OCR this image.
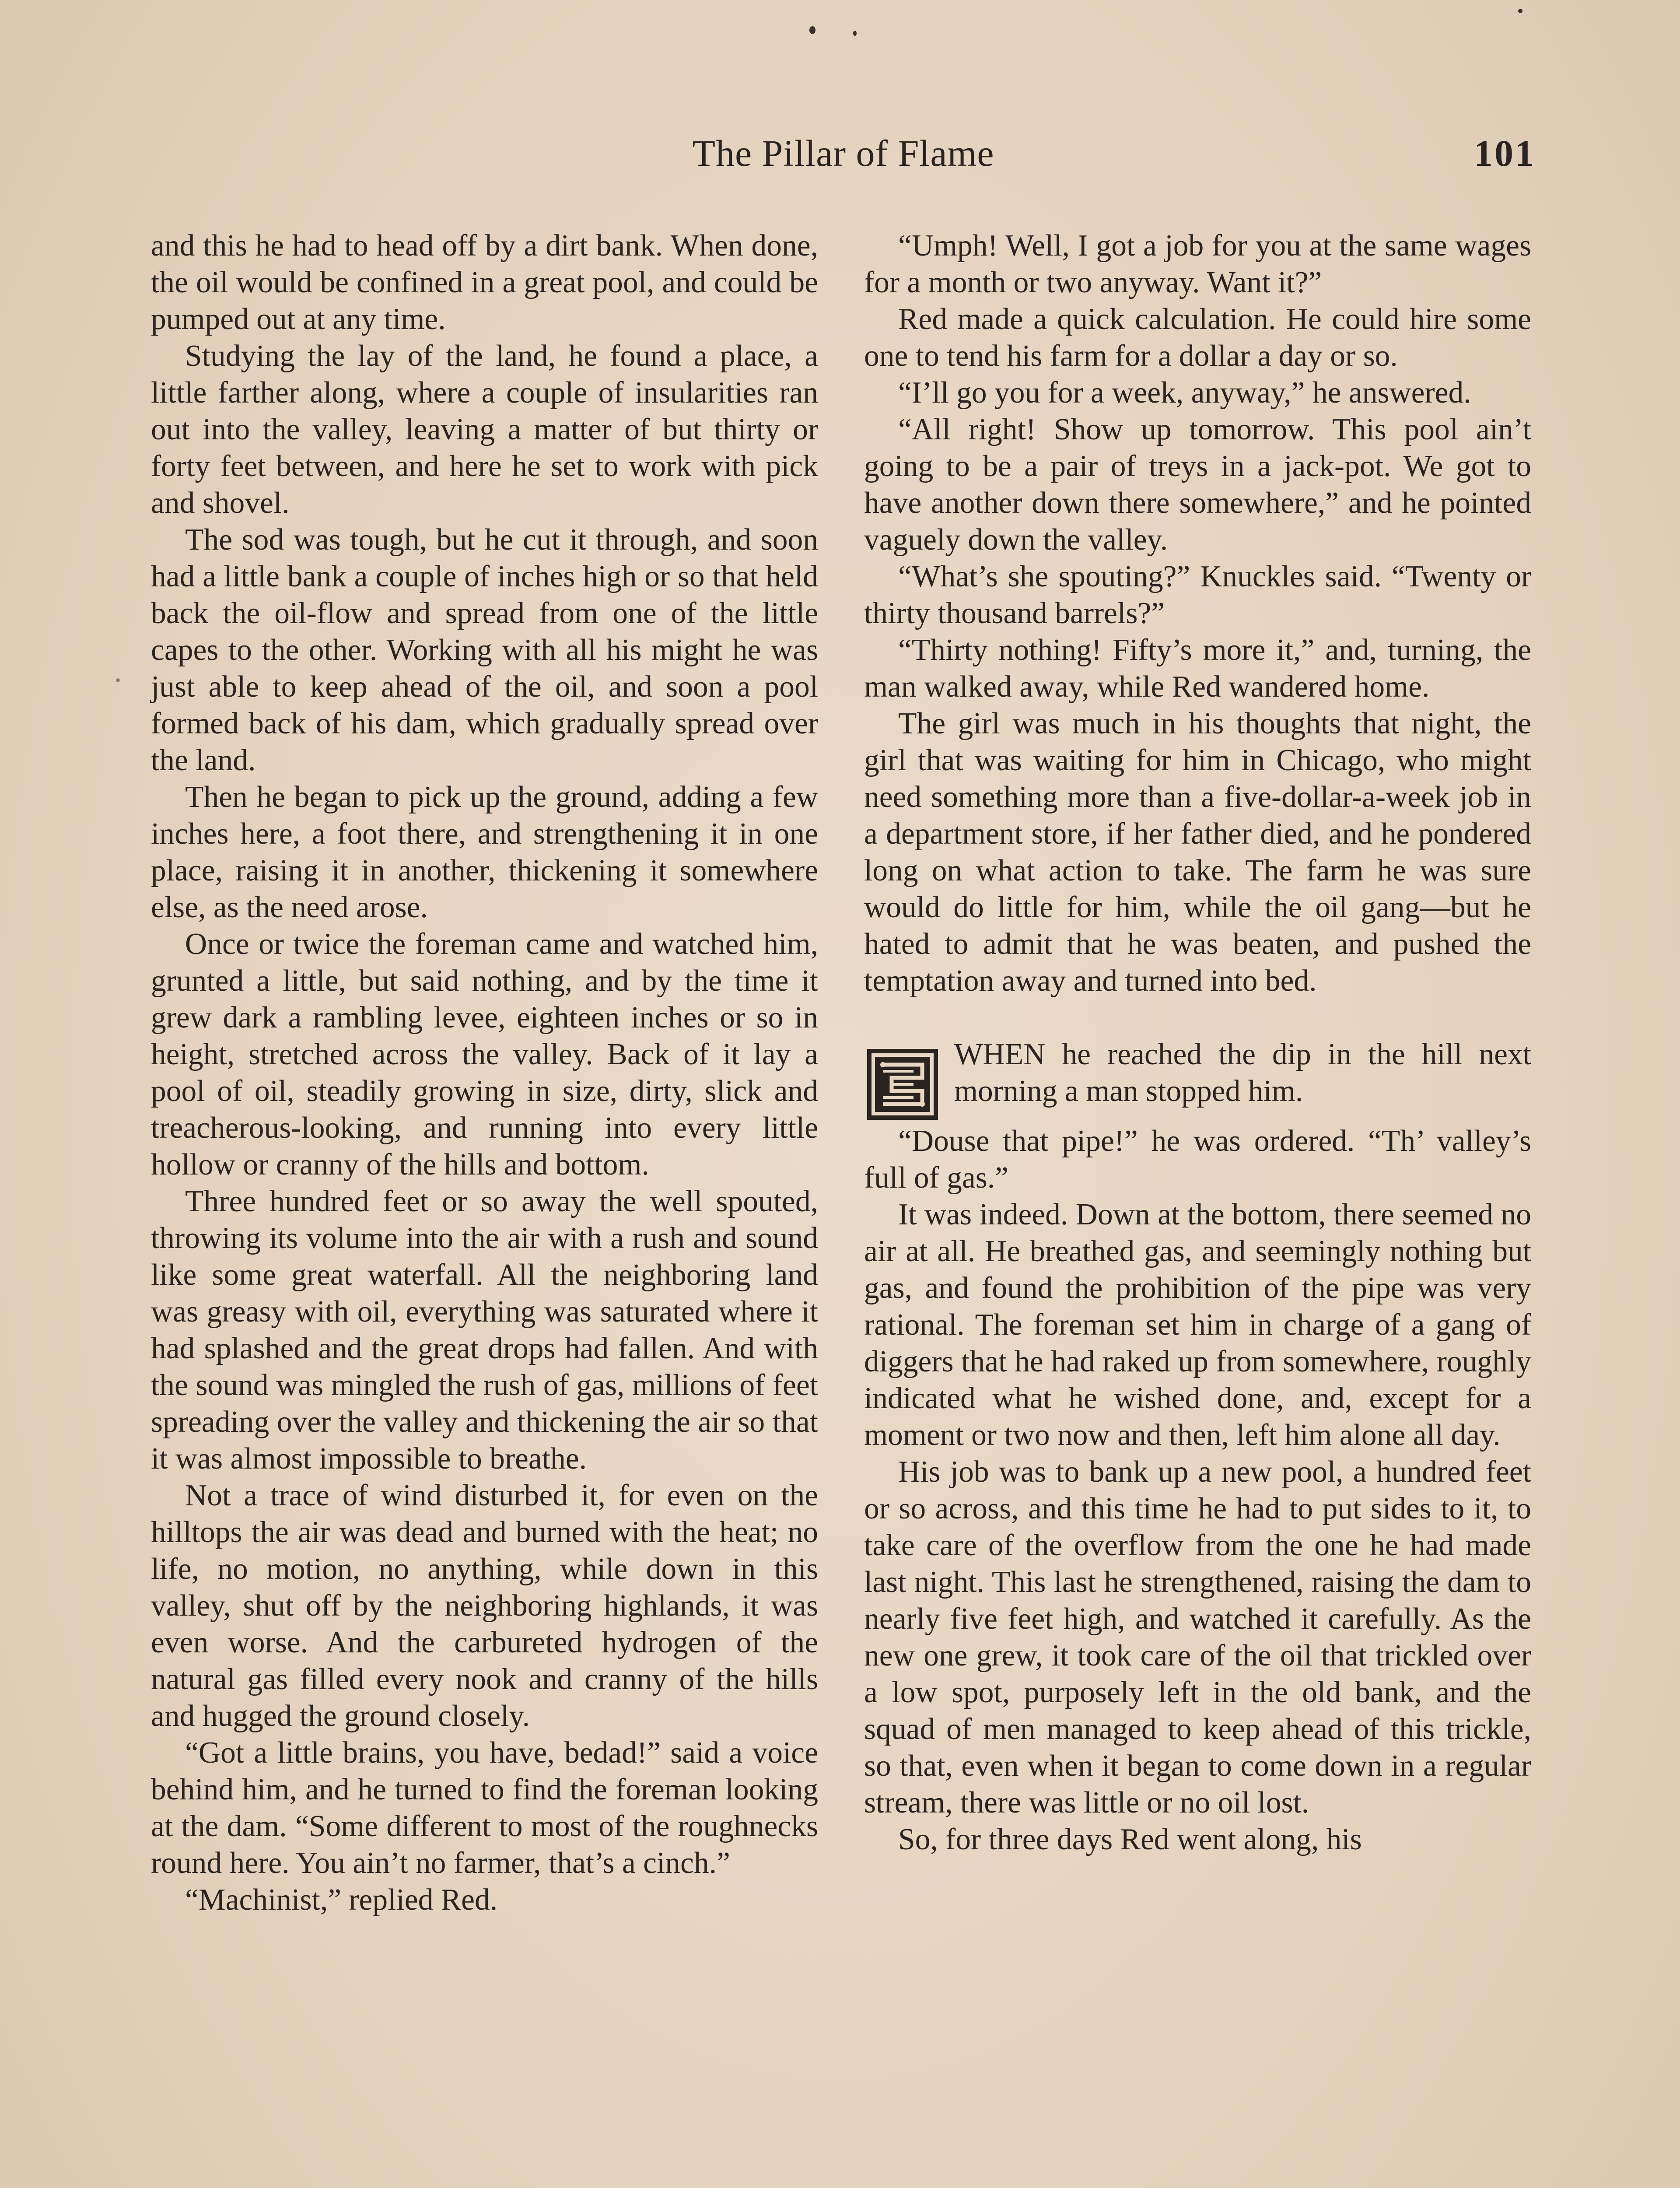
The Pillar of Flame	101

and this he had to head off by a dirt bank. When done, the oil would be confined in a great pool, and could be pumped out at any time.

Studying the lay of the land, he found a place, a little farther along, where a couple of insularities ran out into the valley, leaving a matter of but thirty or forty feet between, and here he set to work with pick and shovel.

The sod was tough, but he cut it through, and soon had a little bank a couple of inches high or so that held back the oil-flow and spread from one of the little capes to the other. Working with all his might he was just able to keep ahead of the oil, and soon a pool formed back of his dam, which gradually spread over the land.

Then he began to pick up the ground, adding a few inches here, a foot there, and strengthening it in one place, raising it in another, thickening it somewhere else, as the need arose.

Once or twice the foreman came and watched him, grunted a little, but said nothing, and by the time it grew dark a rambling levee, eighteen inches or so in height, stretched across the valley. Back of it lay a pool of oil, steadily growing in size, dirty, slick and treacherous-looking, and running into every little hollow or cranny of the hills and bottom.

Three hundred feet or so away the well spouted, throwing its volume into the air with a rush and sound like some great waterfall. All the neighboring land was greasy with oil, everything was saturated where it had splashed and the great drops had fallen. And with the sound was mingled the rush of gas, millions of feet spreading over the valley and thickening the air so that it was almost impossible to breathe.

Not a trace of wind disturbed it, for even on the hilltops the air was dead and burned with the heat; no life, no motion, no anything, while down in this valley, shut off by the neighboring highlands, it was even worse. And the carbureted hydrogen of the natural gas filled every nook and cranny of the hills and hugged the ground closely.

“Got a little brains, you have, bedad!” said a voice behind him, and he turned to find the foreman looking at the dam. “Some different to most of the roughnecks round here. You ain’t no farmer, that’s a cinch.”

“Machinist,” replied Red.

“Umph! Well, I got a job for you at the same wages for a month or two anyway. Want it?”

Red made a quick calculation. He could hire some one to tend his farm for a dollar a day or so.

“I’ll go you for a week, anyway,” he answered.

“All right! Show up tomorrow. This pool ain’t going to be a pair of treys in a jack-pot. We got to have another down there somewhere,” and he pointed vaguely down the valley.

“What’s she spouting?” Knuckles said. “Twenty or thirty thousand barrels?”

“Thirty nothing! Fifty’s more it,” and, turning, the man walked away, while Red wandered home.

The girl was much in his thoughts that night, the girl that was waiting for him in Chicago, who might need something more than a five-dollar-a-week job in a department store, if her father died, and he pondered long on what action to take. The farm he was sure would do little for him, while the oil gang—but he hated to admit that he was beaten, and pushed the temptation away and turned into bed.

WHEN he reached the dip in the hill next morning a man stopped him.

“Douse that pipe!” he was ordered. “Th’ valley’s full of gas.”

It was indeed. Down at the bottom, there seemed no air at all. He breathed gas, and seemingly nothing but gas, and found the prohibition of the pipe was very rational. The foreman set him in charge of a gang of diggers that he had raked up from somewhere, roughly indicated what he wished done, and, except for a moment or two now and then, left him alone all day.

His job was to bank up a new pool, a hundred feet or so across, and this time he had to put sides to it, to take care of the overflow from the one he had made last night. This last he strengthened, raising the dam to nearly five feet high, and watched it carefully. As the new one grew, it took care of the oil that trickled over a low spot, purposely left in the old bank, and the squad of men managed to keep ahead of this trickle, so that, even when it began to come down in a regular stream, there was little or no oil lost.

So, for three days Red went along, his
